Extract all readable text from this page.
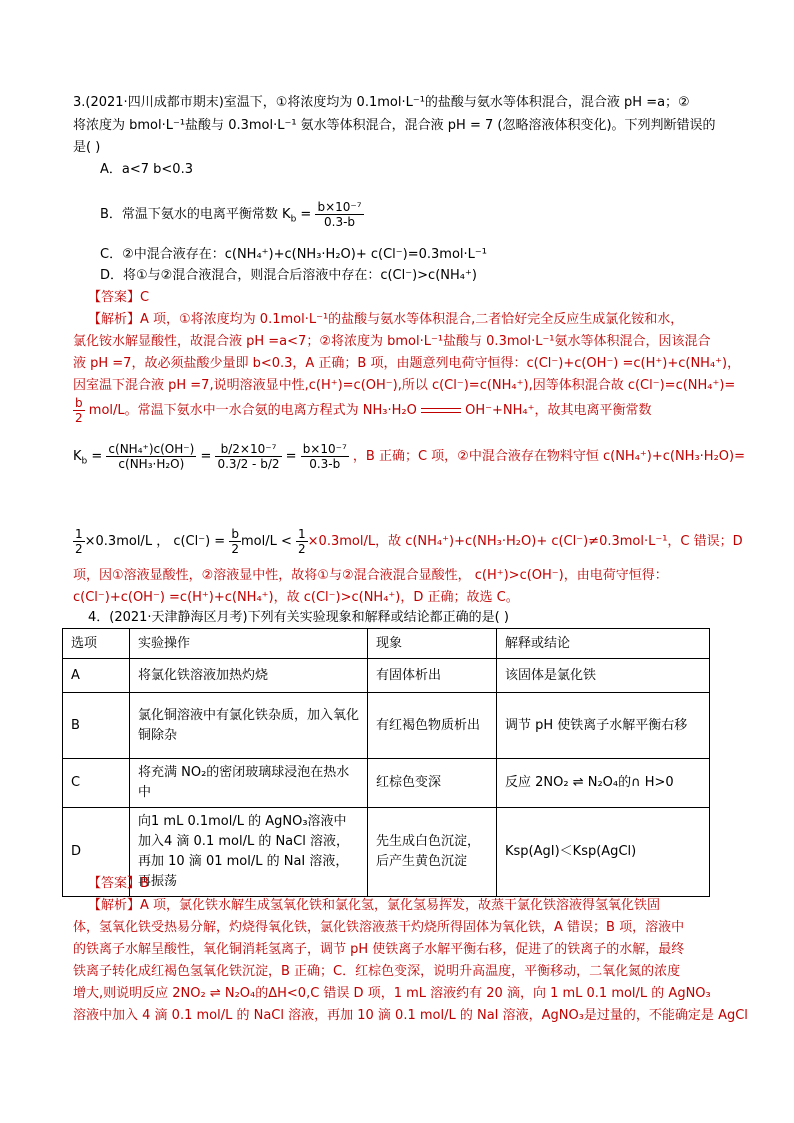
3.(2021·四川成都市期末)室温下，①将浓度均为 0.1mol·L⁻¹的盐酸与氨水等体积混合，混合液 pH =a；②
将浓度为 bmol·L⁻¹盐酸与 0.3mol·L⁻¹ 氨水等体积混合，混合液 pH = 7 (忽略溶液体积变化)。下列判断错误的
是( )
A．a<7 b<0.3
B．常温下氨水的电离平衡常数 $K_b = \frac{\text{b×10⁻⁷}}{0.3-b}$
C．②中混合液存在：c(NH₄⁺)+c(NH₃·H₂O)+ c(Cl⁻)=0.3mol·L⁻¹
D．将①与②混合液混合，则混合后溶液中存在：c(Cl⁻)>c(NH₄⁺)
【答案】C
【解析】A 项，①将浓度均为 0.1mol·L⁻¹的盐酸与氨水等体积混合,二者恰好完全反应生成氯化铵和水，
氯化铵水解显酸性，故混合液 pH =a<7；②将浓度为 bmol·L⁻¹盐酸与 0.3mol·L⁻¹氨水等体积混合，因该混合
液 pH =7，故必须盐酸少量即 b<0.3，A 正确；B 项，由题意列电荷守恒得：c(Cl⁻)+c(OH⁻) =c(H⁺)+c(NH₄⁺)，
因室温下混合液 pH =7,说明溶液显中性,c(H⁺)=c(OH⁻),所以 c(Cl⁻)=c(NH₄⁺),因等体积混合故 c(Cl⁻)=c(NH₄⁺)=
$\frac{b}{2} mol/L$。常温下氨水中一水合氨的电离方程式为 NH₃·H₂O	OH⁻+NH₄⁺，故其电离平衡常数
$K_b = \frac{\text{c(NH₄⁺)c(OH⁻)}}{\text{c(NH₃·H₂O)}} = \frac{\text{b/2×10⁻⁷}}{0.3/2 - b/2} = \frac{\text{b×10⁻⁷}}{0.3-b}$ ，B 正确；C 项，②中混合液存在物料守恒 c(NH₄⁺)+c(NH₃·H₂O)=
$\frac{1}{2} \times 0.3mol/L$ ， $c(Cl^-) = \frac{b}{2} mol/L < \frac{1}{2} \times 0.3mol/L$，故 c(NH₄⁺)+c(NH₃·H₂O)+ c(Cl⁻)≠0.3mol·L⁻¹，C 错误；D
项，因①溶液显酸性，②溶液显中性，故将①与②混合液混合显酸性， c(H⁺)>c(OH⁻)，由电荷守恒得：
c(Cl⁻)+c(OH⁻) =c(H⁺)+c(NH₄⁺)，故 c(Cl⁻)>c(NH₄⁺)，D 正确；故选 C。
4．(2021·天津静海区月考)下列有关实验现象和解释或结论都正确的是( )
选项	实验操作	现象	解释或结论
A	将氯化铁溶液加热灼烧	有固体析出	该固体是氯化铁
B	氯化铜溶液中有氯化铁杂质，加入氧化铜除杂	有红褐色物质析出	调节 pH 使铁离子水解平衡右移
C	将充满 NO₂的密闭玻璃球浸泡在热水中	红棕色变深	反应 2NO₂ ⇌ N₂O₄的∩ H>0
D	向1 mL 0.1mol/L 的 AgNO₃溶液中加入4 滴 0.1 mol/L 的 NaCl 溶液，再加 10 滴 01 mol/L 的 NaI 溶液，再振荡	先生成白色沉淀，后产生黄色沉淀	Ksp(AgI)＜Ksp(AgCl)
【答案】B
【解析】A 项，氯化铁水解生成氢氧化铁和氯化氢，氯化氢易挥发，故蒸干氯化铁溶液得氢氧化铁固
体，氢氧化铁受热易分解，灼烧得氧化铁，氯化铁溶液蒸干灼烧所得固体为氧化铁，A 错误；B 项，溶液中
的铁离子水解呈酸性，氧化铜消耗氢离子，调节 pH 使铁离子水解平衡右移，促进了的铁离子的水解，最终
铁离子转化成红褐色氢氧化铁沉淀，B 正确；C．红棕色变深，说明升高温度，平衡移动，二氧化氮的浓度
增大,则说明反应 2NO₂ ⇌ N₂O₄的ΔH<0,C 错误 D 项，1 mL 溶液约有 20 滴，向 1 mL 0.1 mol/L 的 AgNO₃
溶液中加入 4 滴 0.1 mol/L 的 NaCl 溶液，再加 10 滴 0.1 mol/L 的 NaI 溶液，AgNO₃是过量的，不能确定是 AgCl
